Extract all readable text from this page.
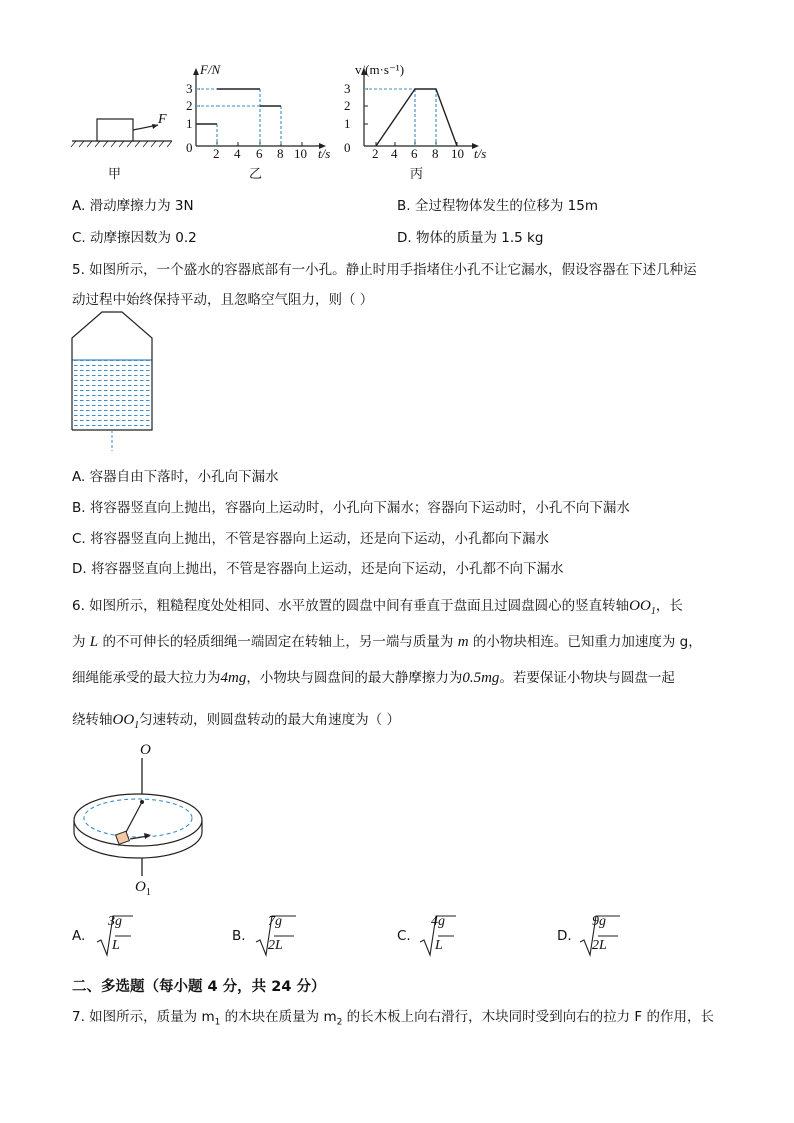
F
甲
F/N
3
2
1
0 2 4 6 8 10 t/s
乙
v/(m·s⁻¹)
3
2
1
0 2 4 6 8 10 t/s
丙
A. 滑动摩擦力为 3N	B. 全过程物体发生的位移为 15m
C. 动摩擦因数为 0.2	D. 物体的质量为 1.5 kg
5. 如图所示，一个盛水的容器底部有一小孔。静止时用手指堵住小孔不让它漏水，假设容器在下述几种运
动过程中始终保持平动，且忽略空气阻力，则（ ）
A. 容器自由下落时，小孔向下漏水
B. 将容器竖直向上抛出，容器向上运动时，小孔向下漏水；容器向下运动时，小孔不向下漏水
C. 将容器竖直向上抛出，不管是容器向上运动，还是向下运动，小孔都向下漏水
D. 将容器竖直向上抛出，不管是容器向上运动，还是向下运动，小孔都不向下漏水
6. 如图所示，粗糙程度处处相同、水平放置的圆盘中间有垂直于盘面且过圆盘圆心的竖直转轴$OO_1$，长
为 L 的不可伸长的轻质细绳一端固定在转轴上，另一端与质量为 m 的小物块相连。已知重力加速度为 g，
细绳能承受的最大拉力为4mg，小物块与圆盘间的最大静摩擦力为0.5mg。若要保证小物块与圆盘一起
绕转轴$OO_1$匀速转动，则圆盘转动的最大角速度为（ ）
O
$O_1$
A.
3g
L
B.
7g
2L
C.
4g
L
D.
9g
2L
二、多选题（每小题 4 分，共 24 分）
7. 如图所示，质量为 $m_1$ 的木块在质量为 $m_2$ 的长木板上向右滑行，木块同时受到向右的拉力 F 的作用，长
